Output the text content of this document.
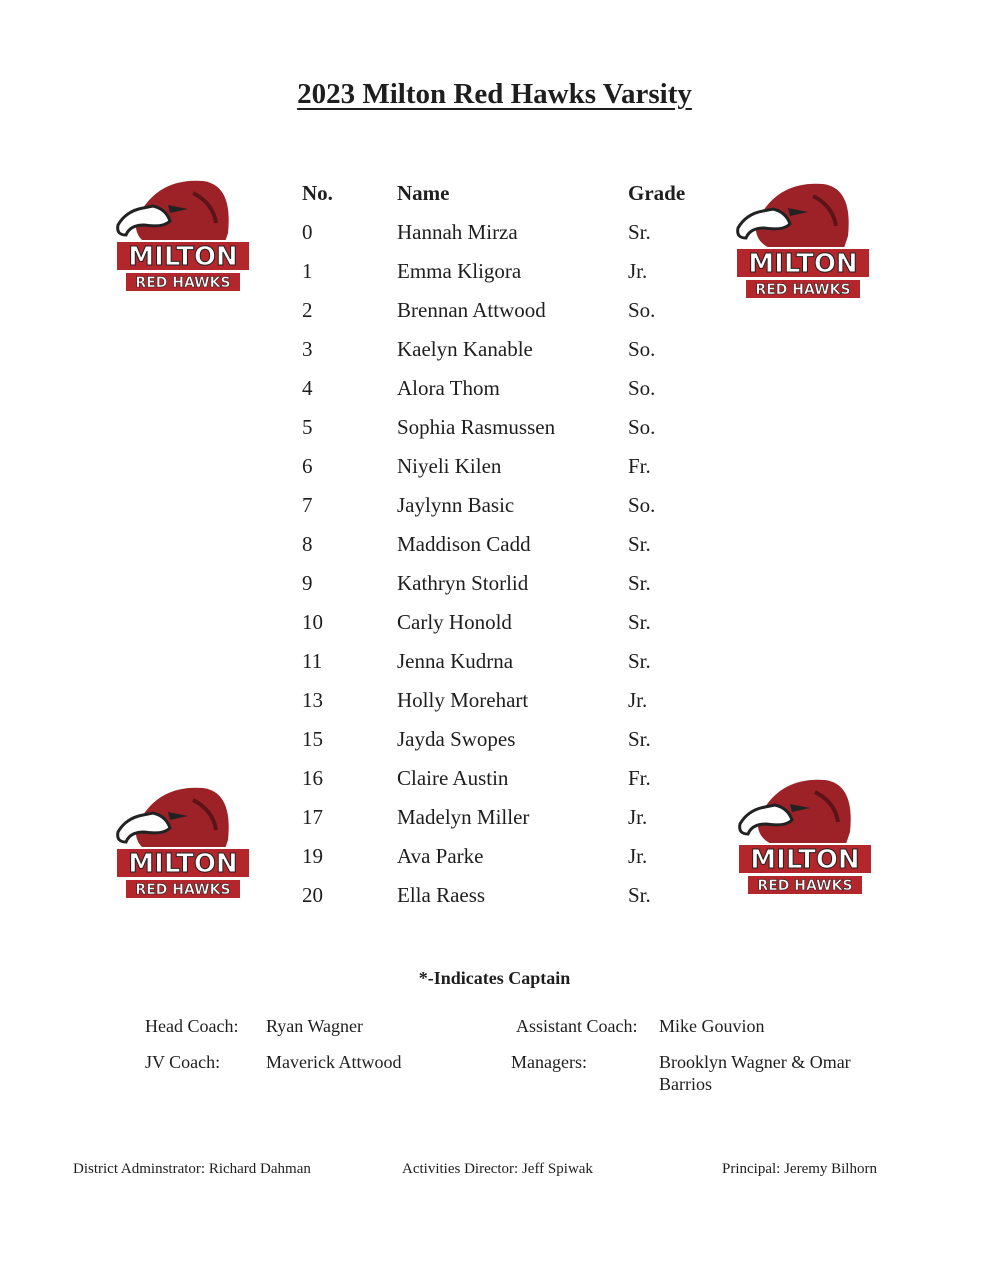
2023 Milton Red Hawks Varsity
MILTON
RED HAWKS
MILTON
RED HAWKS
MILTON
RED HAWKS
MILTON
RED HAWKS
No.	Name	Grade
0	Hannah Mirza	Sr.
1	Emma Kligora	Jr.
2	Brennan Attwood	So.
3	Kaelyn Kanable	So.
4	Alora Thom	So.
5	Sophia Rasmussen	So.
6	Niyeli Kilen	Fr.
7	Jaylynn Basic	So.
8	Maddison Cadd	Sr.
9	Kathryn Storlid	Sr.
10	Carly Honold	Sr.
11	Jenna Kudrna	Sr.
13	Holly Morehart	Jr.
15	Jayda Swopes	Sr.
16	Claire Austin	Fr.
17	Madelyn Miller	Jr.
19	Ava Parke	Jr.
20	Ella Raess	Sr.
*-Indicates Captain
Head Coach: Ryan Wagner	Assistant Coach: Mike Gouvion
JV Coach:	Maverick Attwood	Managers:	Brooklyn Wagner & Omar Barrios
District Adminstrator: Richard Dahman	Activities Director: Jeff Spiwak	Principal: Jeremy Bilhorn
